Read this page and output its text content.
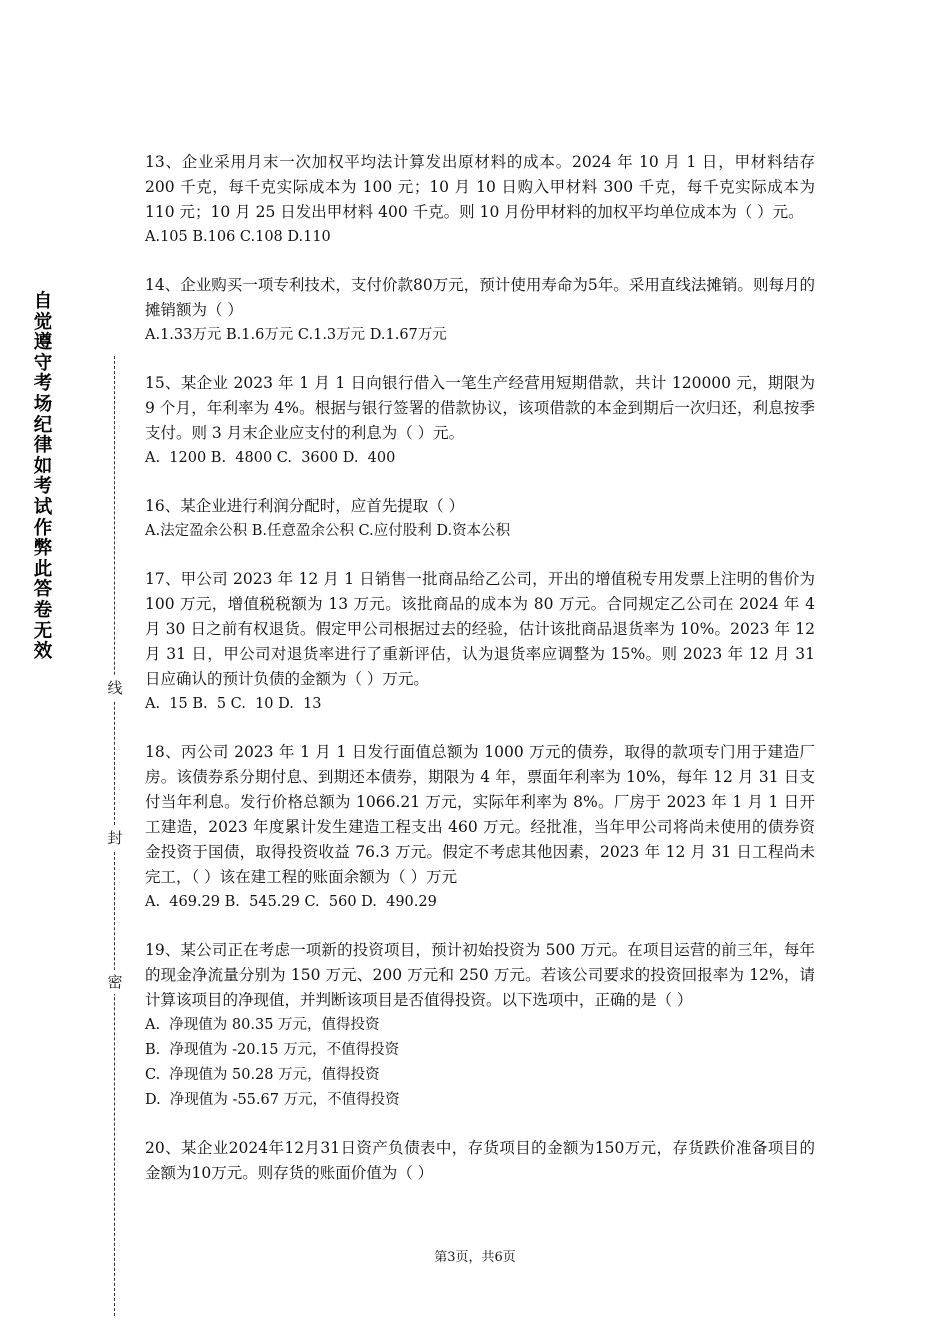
自觉遵守考场纪律如考试作弊此答卷无效
线
封
密

13、企业采用月末一次加权平均法计算发出原材料的成本。2024 年 10 月 1 日，甲材料结存 200 千克，每千克实际成本为 100 元；10 月 10 日购入甲材料 300 千克，每千克实际成本为 110 元；10 月 25 日发出甲材料 400 千克。则 10 月份甲材料的加权平均单位成本为（ ）元。

A.105 B.106 C.108 D.110

14、企业购买一项专利技术，支付价款80万元，预计使用寿命为5年。采用直线法摊销。则每月的摊销额为（ ）

A.1.33万元 B.1.6万元 C.1.3万元 D.1.67万元

15、某企业 2023 年 1 月 1 日向银行借入一笔生产经营用短期借款，共计 120000 元，期限为 9 个月，年利率为 4%。根据与银行签署的借款协议，该项借款的本金到期后一次归还，利息按季支付。则 3 月末企业应支付的利息为（ ）元。

A.  1200 B.  4800 C.  3600 D.  400

16、某企业进行利润分配时，应首先提取（ ）

A.法定盈余公积 B.任意盈余公积 C.应付股利 D.资本公积

17、甲公司 2023 年 12 月 1 日销售一批商品给乙公司，开出的增值税专用发票上注明的售价为 100 万元，增值税税额为 13 万元。该批商品的成本为 80 万元。合同规定乙公司在 2024 年 4 月 30 日之前有权退货。假定甲公司根据过去的经验，估计该批商品退货率为 10%。2023 年 12 月 31 日，甲公司对退货率进行了重新评估，认为退货率应调整为 15%。则 2023 年 12 月 31 日应确认的预计负债的金额为（ ）万元。

A.  15 B.  5 C.  10 D.  13

18、丙公司 2023 年 1 月 1 日发行面值总额为 1000 万元的债券，取得的款项专门用于建造厂房。该债券系分期付息、到期还本债券，期限为 4 年，票面年利率为 10%，每年 12 月 31 日支付当年利息。发行价格总额为 1066.21 万元，实际年利率为 8%。厂房于 2023 年 1 月 1 日开工建造，2023 年度累计发生建造工程支出 460 万元。经批准，当年甲公司将尚未使用的债券资金投资于国债，取得投资收益 76.3 万元。假定不考虑其他因素，2023 年 12 月 31 日工程尚未完工，（ ）该在建工程的账面余额为（ ）万元

A.  469.29 B.  545.29 C.  560 D.  490.29

19、某公司正在考虑一项新的投资项目，预计初始投资为 500 万元。在项目运营的前三年，每年的现金净流量分别为 150 万元、200 万元和 250 万元。若该公司要求的投资回报率为 12%，请计算该项目的净现值，并判断该项目是否值得投资。以下选项中，正确的是（ ）

A.  净现值为 80.35 万元，值得投资

B.  净现值为 -20.15 万元，不值得投资

C.  净现值为 50.28 万元，值得投资

D.  净现值为 -55.67 万元，不值得投资

20、某企业2024年12月31日资产负债表中，存货项目的金额为150万元，存货跌价准备项目的金额为10万元。则存货的账面价值为（ ）

第3页，共6页
